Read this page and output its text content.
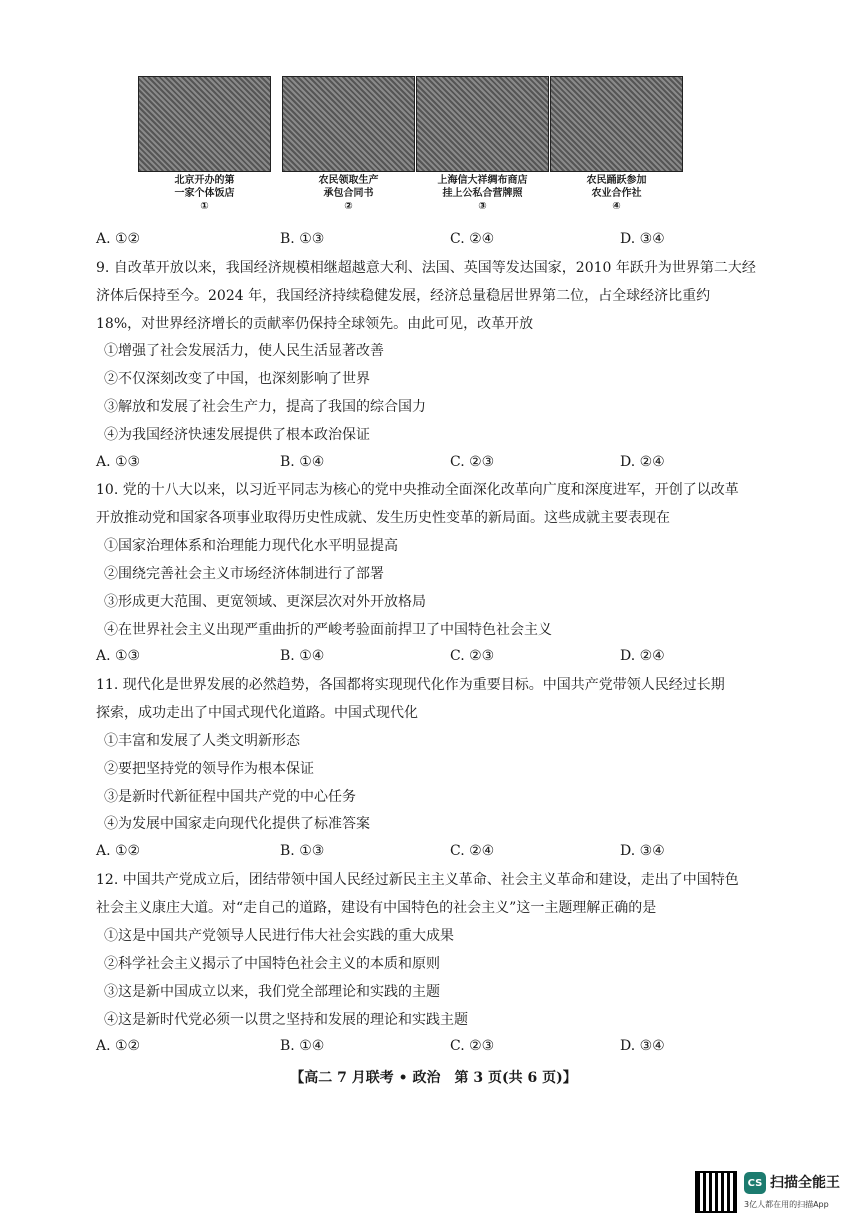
北京开办的第
一家个体饭店
①
农民领取生产
承包合同书
②
上海信大祥绸布商店
挂上公私合营牌照
③
农民踊跃参加
农业合作社
④
A. ①②	B. ①③	C. ②④	D. ③④
9. 自改革开放以来，我国经济规模相继超越意大利、法国、英国等发达国家，2010 年跃升为世界第二大经
济体后保持至今。2024 年，我国经济持续稳健发展，经济总量稳居世界第二位，占全球经济比重约
18%，对世界经济增长的贡献率仍保持全球领先。由此可见，改革开放
①增强了社会发展活力，使人民生活显著改善
②不仅深刻改变了中国，也深刻影响了世界
③解放和发展了社会生产力，提高了我国的综合国力
④为我国经济快速发展提供了根本政治保证
A. ①③	B. ①④	C. ②③	D. ②④
10. 党的十八大以来，以习近平同志为核心的党中央推动全面深化改革向广度和深度进军，开创了以改革
开放推动党和国家各项事业取得历史性成就、发生历史性变革的新局面。这些成就主要表现在
①国家治理体系和治理能力现代化水平明显提高
②围绕完善社会主义市场经济体制进行了部署
③形成更大范围、更宽领域、更深层次对外开放格局
④在世界社会主义出现严重曲折的严峻考验面前捍卫了中国特色社会主义
A. ①③	B. ①④	C. ②③	D. ②④
11. 现代化是世界发展的必然趋势，各国都将实现现代化作为重要目标。中国共产党带领人民经过长期
探索，成功走出了中国式现代化道路。中国式现代化
①丰富和发展了人类文明新形态
②要把坚持党的领导作为根本保证
③是新时代新征程中国共产党的中心任务
④为发展中国家走向现代化提供了标准答案
A. ①②	B. ①③	C. ②④	D. ③④
12. 中国共产党成立后，团结带领中国人民经过新民主主义革命、社会主义革命和建设，走出了中国特色
社会主义康庄大道。对“走自己的道路，建设有中国特色的社会主义”这一主题理解正确的是
①这是中国共产党领导人民进行伟大社会实践的重大成果
②科学社会主义揭示了中国特色社会主义的本质和原则
③这是新中国成立以来，我们党全部理论和实践的主题
④这是新时代党必须一以贯之坚持和发展的理论和实践主题
A. ①②	B. ①④	C. ②③	D. ③④
【高二 7 月联考 • 政治　第 3 页(共 6 页)】
CS 扫描全能王
3亿人都在用的扫描App
